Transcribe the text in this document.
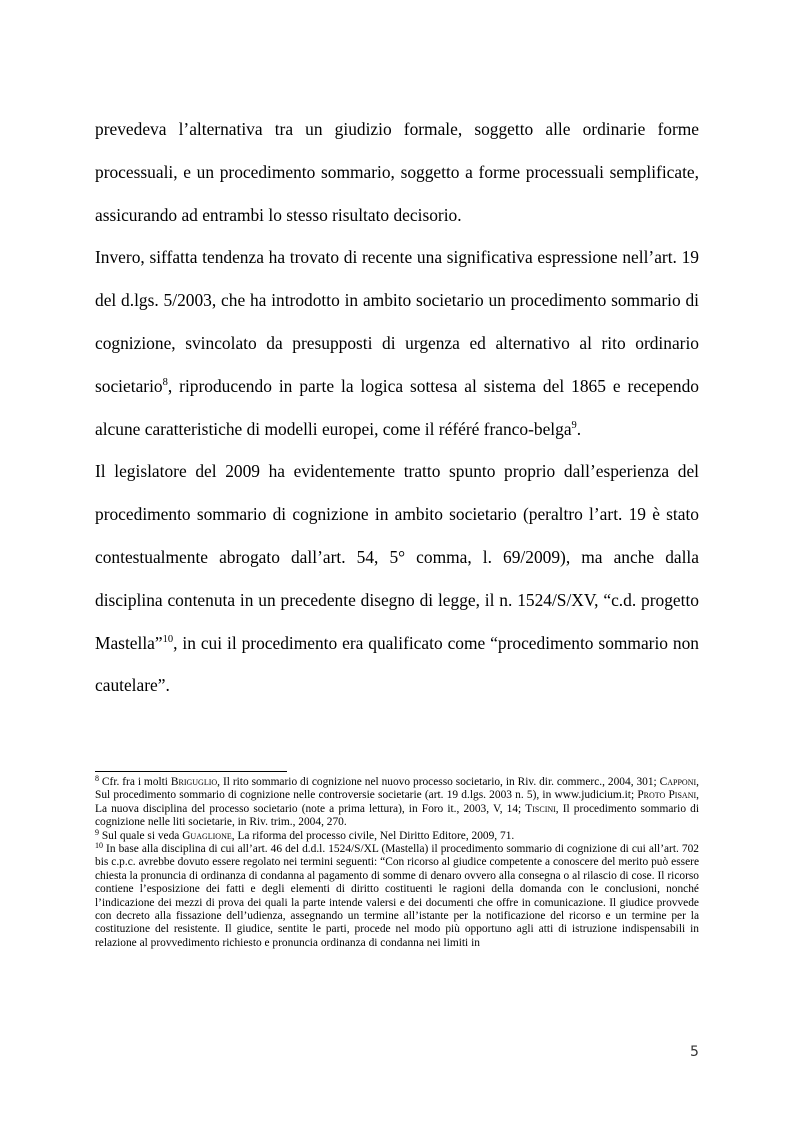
prevedeva l’alternativa tra un giudizio formale, soggetto alle ordinarie forme processuali, e un procedimento sommario, soggetto a forme processuali semplificate, assicurando ad entrambi lo stesso risultato decisorio.

Invero, siffatta tendenza ha trovato di recente una significativa espressione nell’art. 19 del d.lgs. 5/2003, che ha introdotto in ambito societario un procedimento sommario di cognizione, svincolato da presupposti di urgenza ed alternativo al rito ordinario societario$^8$, riproducendo in parte la logica sottesa al sistema del 1865 e recependo alcune caratteristiche di modelli europei, come il référé franco-belga$^9$.

Il legislatore del 2009 ha evidentemente tratto spunto proprio dall’esperienza del procedimento sommario di cognizione in ambito societario (peraltro l’art. 19 è stato contestualmente abrogato dall’art. 54, 5° comma, l. 69/2009), ma anche dalla disciplina contenuta in un precedente disegno di legge, il n. 1524/S/XV, “c.d. progetto Mastella”$^{10}$, in cui il procedimento era qualificato come “procedimento sommario non cautelare”.

$^8$ Cfr. fra i molti Briguglio, Il rito sommario di cognizione nel nuovo processo societario, in Riv. dir. commerc., 2004, 301; Capponi, Sul procedimento sommario di cognizione nelle controversie societarie (art. 19 d.lgs. 2003 n. 5), in www.judicium.it; Proto Pisani, La nuova disciplina del processo societario (note a prima lettura), in Foro it., 2003, V, 14; Tiscini, Il procedimento sommario di cognizione nelle liti societarie, in Riv. trim., 2004, 270.

$^9$ Sul quale si veda Guaglione, La riforma del processo civile, Nel Diritto Editore, 2009, 71.

$^{10}$ In base alla disciplina di cui all’art. 46 del d.d.l. 1524/S/XL (Mastella) il procedimento sommario di cognizione di cui all’art. 702 bis c.p.c. avrebbe dovuto essere regolato nei termini seguenti: “Con ricorso al giudice competente a conoscere del merito può essere chiesta la pronuncia di ordinanza di condanna al pagamento di somme di denaro ovvero alla consegna o al rilascio di cose. Il ricorso contiene l’esposizione dei fatti e degli elementi di diritto costituenti le ragioni della domanda con le conclusioni, nonché l’indicazione dei mezzi di prova dei quali la parte intende valersi e dei documenti che offre in comunicazione. Il giudice provvede con decreto alla fissazione dell’udienza, assegnando un termine all’istante per la notificazione del ricorso e un termine per la costituzione del resistente. Il giudice, sentite le parti, procede nel modo più opportuno agli atti di istruzione indispensabili in relazione al provvedimento richiesto e pronuncia ordinanza di condanna nei limiti in

5
